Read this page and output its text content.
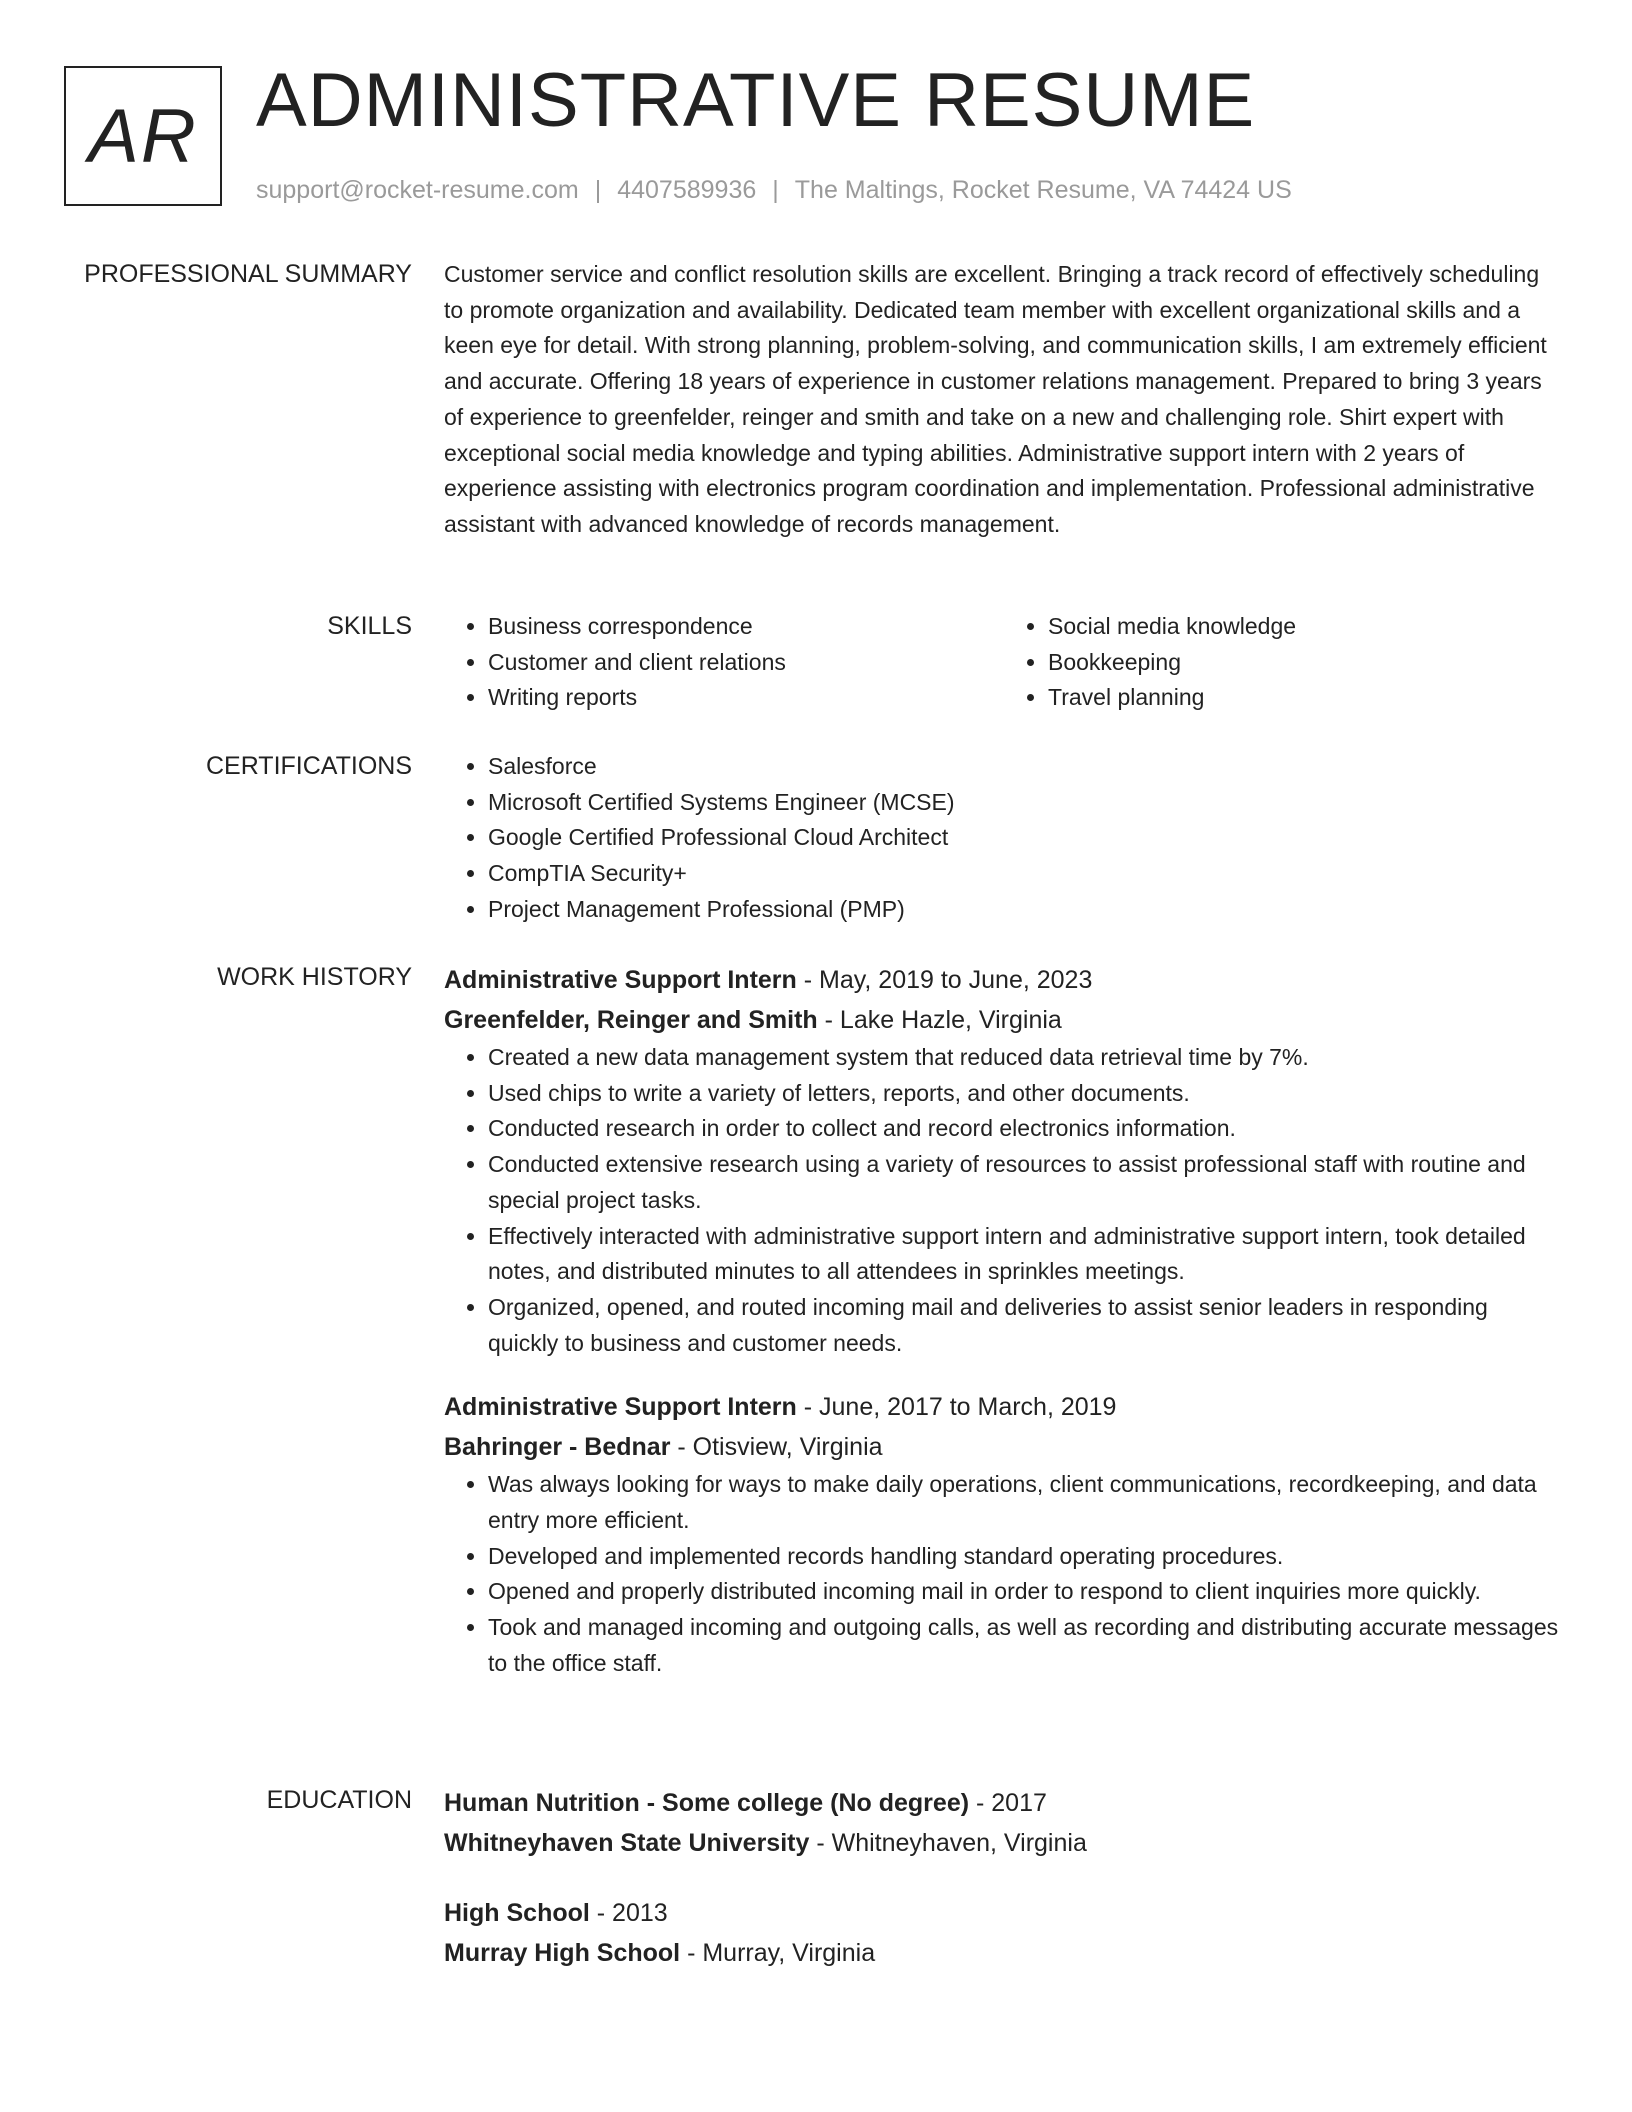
AR ADMINISTRATIVE RESUME
support@rocket-resume.com | 4407589936 | The Maltings, Rocket Resume, VA 74424 US
PROFESSIONAL SUMMARY Customer service and conflict resolution skills are excellent. Bringing a track record of effectively scheduling to promote organization and availability. Dedicated team member with excellent organizational skills and a keen eye for detail. With strong planning, problem-solving, and communication skills, I am extremely efficient and accurate. Offering 18 years of experience in customer relations management. Prepared to bring 3 years of experience to greenfelder, reinger and smith and take on a new and challenging role. Shirt expert with exceptional social media knowledge and typing abilities. Administrative support intern with 2 years of experience assisting with electronics program coordination and implementation. Professional administrative assistant with advanced knowledge of records management.

SKILLS	• Business correspondence
• Customer and client relations
• Writing reports
• Social media knowledge
• Bookkeeping
• Travel planning
CERTIFICATIONS	• Salesforce
• Microsoft Certified Systems Engineer (MCSE)
• Google Certified Professional Cloud Architect
• CompTIA Security+
• Project Management Professional (PMP)
WORK HISTORY Administrative Support Intern - May, 2019 to June, 2023
Greenfelder, Reinger and Smith - Lake Hazle, Virginia
• Created a new data management system that reduced data retrieval time by 7%.
• Used chips to write a variety of letters, reports, and other documents.
• Conducted research in order to collect and record electronics information.
• Conducted extensive research using a variety of resources to assist professional staff with routine and special project tasks.
• Effectively interacted with administrative support intern and administrative support intern, took detailed notes, and distributed minutes to all attendees in sprinkles meetings.
• Organized, opened, and routed incoming mail and deliveries to assist senior leaders in responding quickly to business and customer needs.
Administrative Support Intern - June, 2017 to March, 2019
Bahringer - Bednar - Otisview, Virginia
• Was always looking for ways to make daily operations, client communications, recordkeeping, and data entry more efficient.
• Developed and implemented records handling standard operating procedures.
• Opened and properly distributed incoming mail in order to respond to client inquiries more quickly.
• Took and managed incoming and outgoing calls, as well as recording and distributing accurate messages to the office staff.
EDUCATION Human Nutrition - Some college (No degree) - 2017
Whitneyhaven State University - Whitneyhaven, Virginia
High School - 2013
Murray High School - Murray, Virginia
